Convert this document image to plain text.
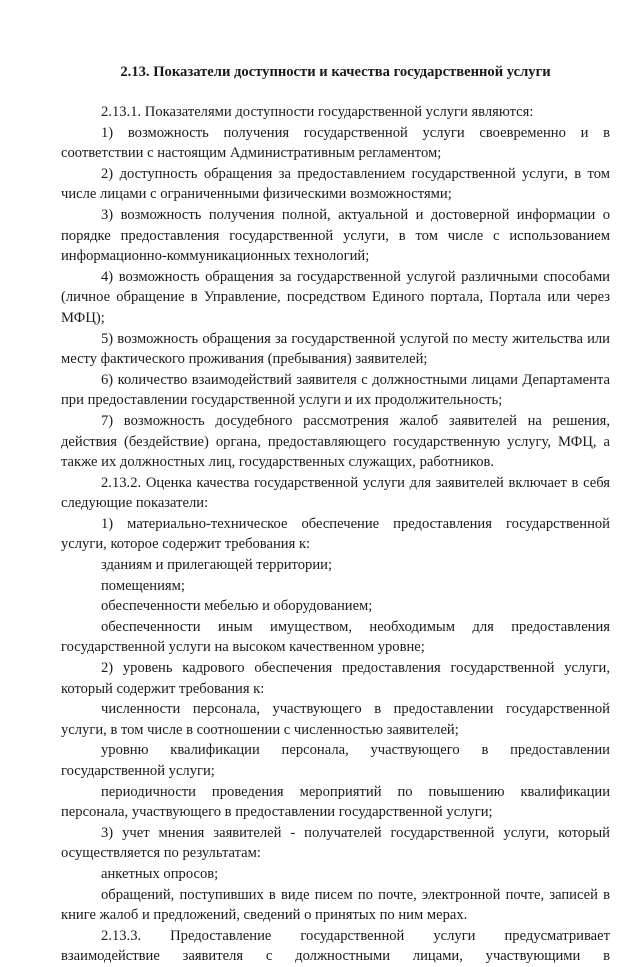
2.13. Показатели доступности и качества государственной услуги

2.13.1. Показателями доступности государственной услуги являются:

1) возможность получения государственной услуги своевременно и в соответствии с настоящим Административным регламентом;

2) доступность обращения за предоставлением государственной услуги, в том числе лицами с ограниченными физическими возможностями;

3) возможность получения полной, актуальной и достоверной информации о порядке предоставления государственной услуги, в том числе с использованием информационно-коммуникационных технологий;

4) возможность обращения за государственной услугой различными способами (личное обращение в Управление, посредством Единого портала, Портала или через МФЦ);

5) возможность обращения за государственной услугой по месту жительства или месту фактического проживания (пребывания) заявителей;

6) количество взаимодействий заявителя с должностными лицами Департамента при предоставлении государственной услуги и их продолжительность;

7) возможность досудебного рассмотрения жалоб заявителей на решения, действия (бездействие) органа, предоставляющего государственную услугу, МФЦ, а также их должностных лиц, государственных служащих, работников.

2.13.2. Оценка качества государственной услуги для заявителей включает в себя следующие показатели:

1) материально-техническое обеспечение предоставления государственной услуги, которое содержит требования к:

зданиям и прилегающей территории;

помещениям;

обеспеченности мебелью и оборудованием;

обеспеченности иным имуществом, необходимым для предоставления государственной услуги на высоком качественном уровне;

2) уровень кадрового обеспечения предоставления государственной услуги, который содержит требования к:

численности персонала, участвующего в предоставлении государственной услуги, в том числе в соотношении с численностью заявителей;

уровню квалификации персонала, участвующего в предоставлении государственной услуги;

периодичности проведения мероприятий по повышению квалификации персонала, участвующего в предоставлении государственной услуги;

3) учет мнения заявителей - получателей государственной услуги, который осуществляется по результатам:

анкетных опросов;

обращений, поступивших в виде писем по почте, электронной почте, записей в книге жалоб и предложений, сведений о принятых по ним мерах.

2.13.3. Предоставление государственной услуги предусматривает взаимодействие заявителя с должностными лицами, участвующими в
